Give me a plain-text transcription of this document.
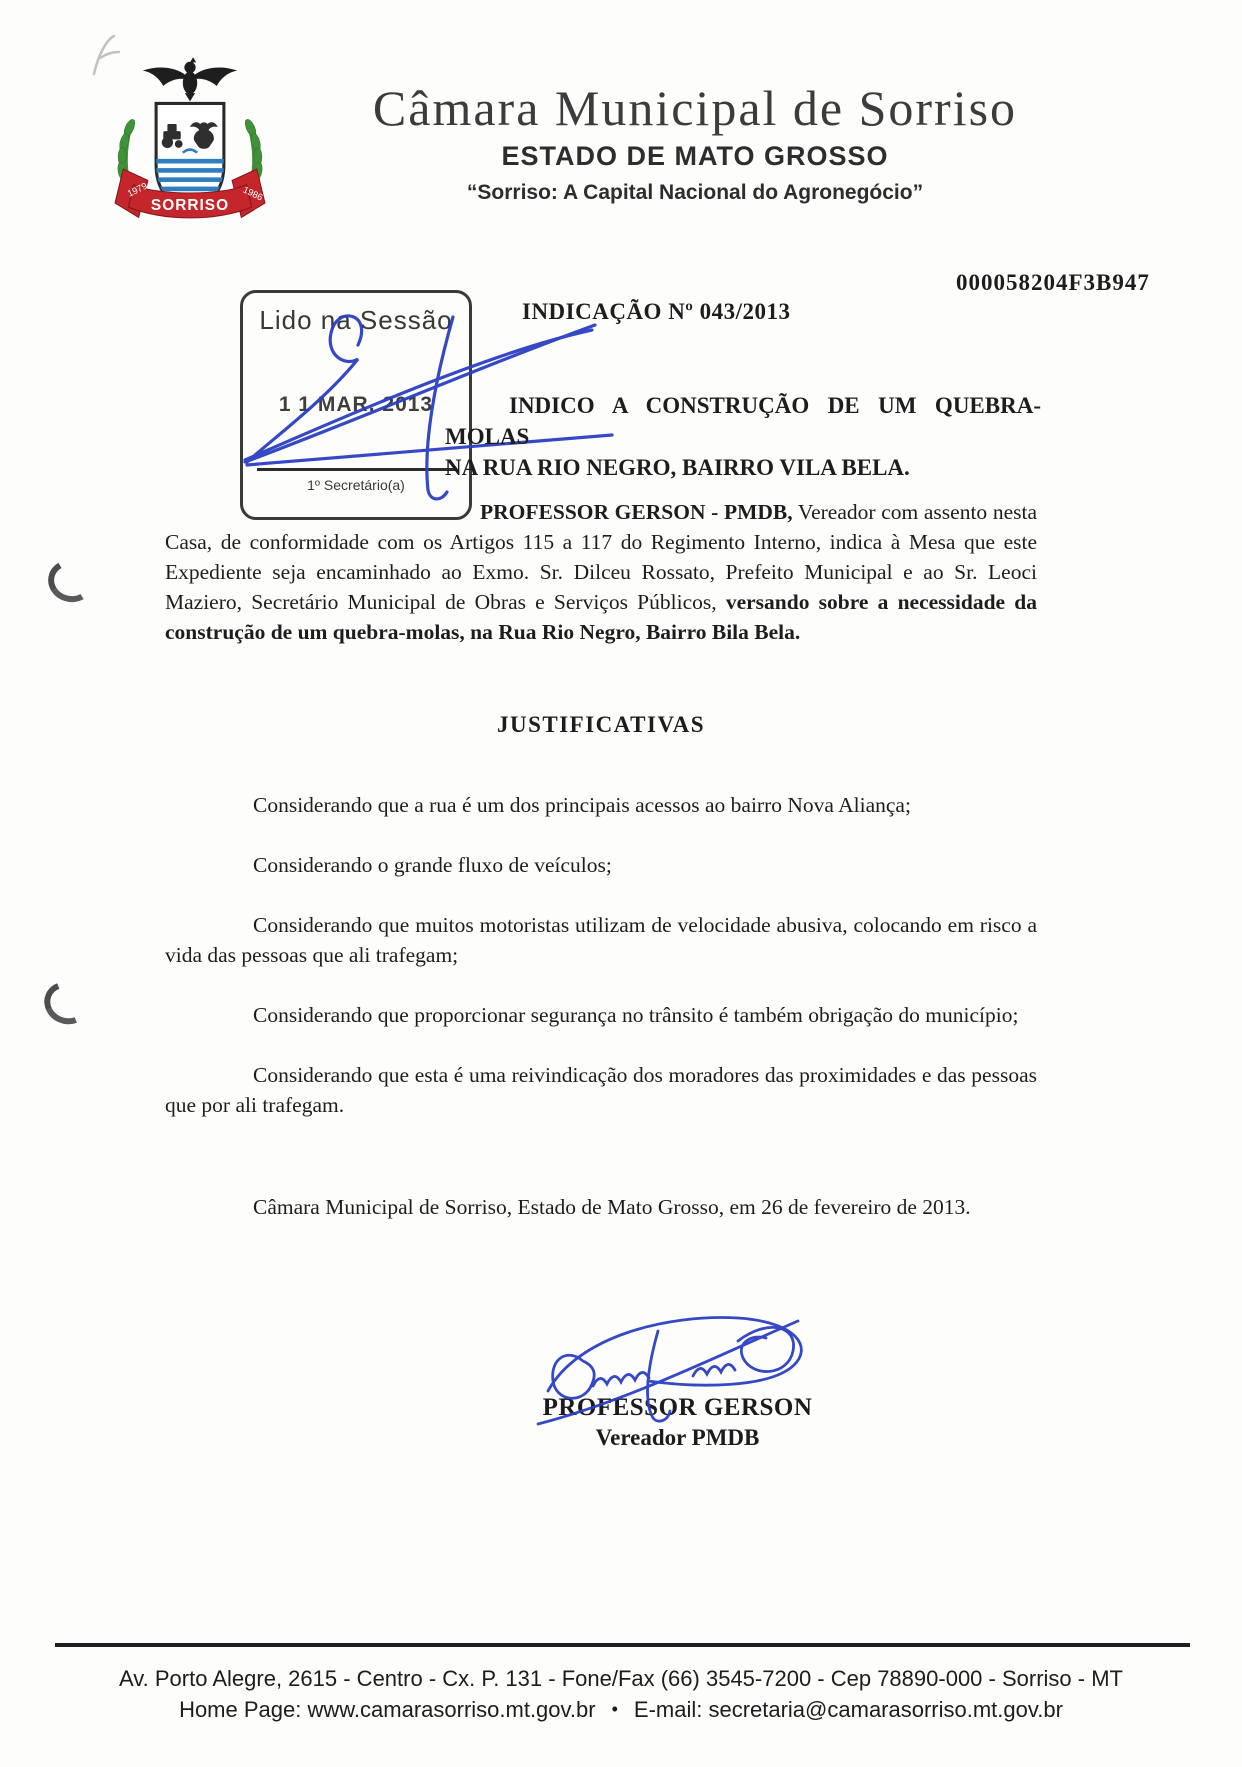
SORRISO
1979	1986
Câmara Municipal de Sorriso
ESTADO DE MATO GROSSO
“Sorriso: A Capital Nacional do Agronegócio”
000058204F3B947
Lido na Sessão
1 1 MAR. 2013
1º Secretário(a)
INDICAÇÃO Nº 043/2013
INDICO A CONSTRUÇÃO DE UM QUEBRA-MOLAS
NA RUA RIO NEGRO, BAIRRO VILA BELA.

PROFESSOR GERSON - PMDB, Vereador com assento nesta Casa, de conformidade com os Artigos 115 a 117 do Regimento Interno, indica à Mesa que este Expediente seja encaminhado ao Exmo. Sr. Dilceu Rossato, Prefeito Municipal e ao Sr. Leoci Maziero, Secretário Municipal de Obras e Serviços Públicos, versando sobre a necessidade da construção de um quebra-molas, na Rua Rio Negro, Bairro Bila Bela.

JUSTIFICATIVAS

Considerando que a rua é um dos principais acessos ao bairro Nova Aliança;

Considerando o grande fluxo de veículos;

Considerando que muitos motoristas utilizam de velocidade abusiva, colocando em risco a vida das pessoas que ali trafegam;

Considerando que proporcionar segurança no trânsito é também obrigação do município;

Considerando que esta é uma reivindicação dos moradores das proximidades e das pessoas que por ali trafegam.

Câmara Municipal de Sorriso, Estado de Mato Grosso, em 26 de fevereiro de 2013.

PROFESSOR GERSON
Vereador PMDB
Av. Porto Alegre, 2615 - Centro - Cx. P. 131 - Fone/Fax (66) 3545-7200 - Cep 78890-000 - Sorriso - MT
Home Page: www.camarasorriso.mt.gov.br • E-mail: secretaria@camarasorriso.mt.gov.br
